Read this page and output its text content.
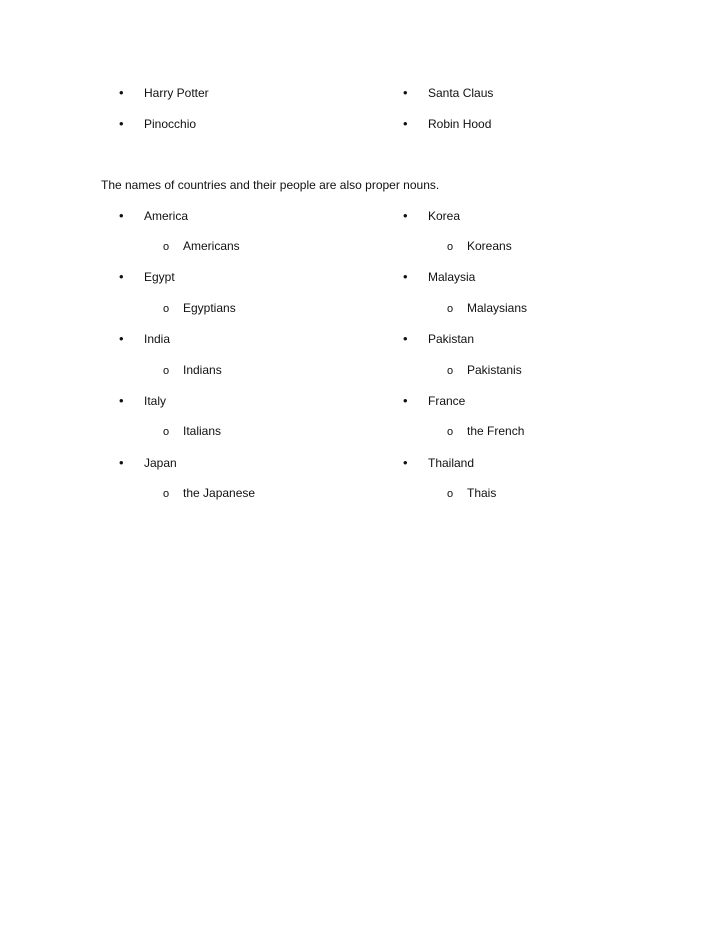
• Harry Potter
• Pinocchio
• Santa Claus
• Robin Hood
The names of countries and their people are also proper nouns.
• America
o Americans
• Egypt
o Egyptians
• India
o Indians
• Italy
o Italians
• Japan
o the Japanese
• Korea
o Koreans
• Malaysia
o Malaysians
• Pakistan
o Pakistanis
• France
o the French
• Thailand
o Thais
